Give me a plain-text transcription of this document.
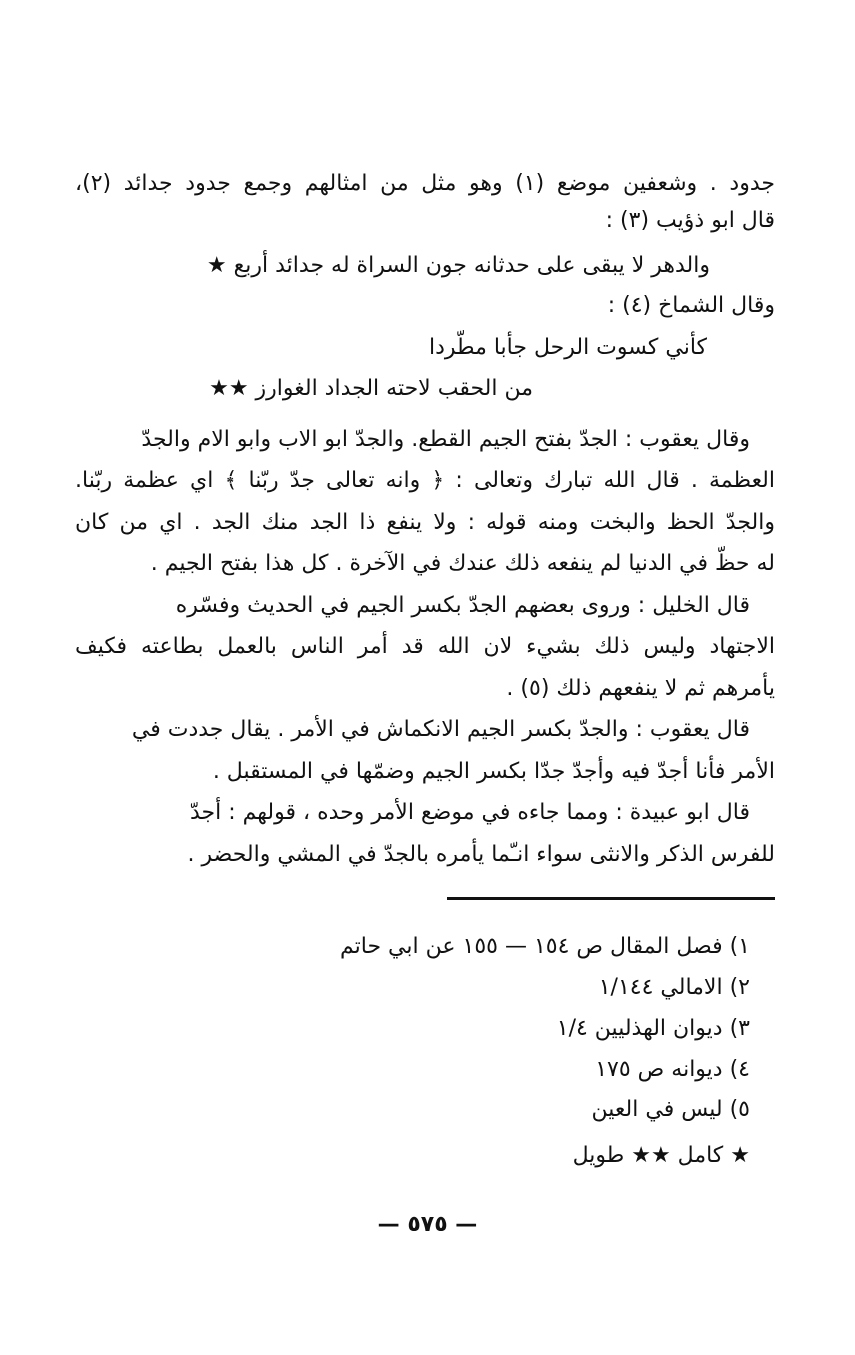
جدود . وشعفين موضع (١) وهو مثل من امثالهم وجمع جدود جدائد (٢)،
قال ابو ذؤيب (٣) :
والدهر لا يبقى على حدثانه جون السراة له جدائد أربع ★
وقال الشماخ (٤) :
كأني كسوت الرحل جأبا مطّردا
من الحقب لاحته الجداد الغوارز ★★
وقال يعقوب : الجدّ بفتح الجيم القطع. والجدّ ابو الاب وابو الام والجدّ
العظمة . قال الله تبارك وتعالى : ﴿ وانه تعالى جدّ ربّنا ﴾ اي عظمة ربّنا.
والجدّ الحظ والبخت ومنه قوله : ولا ينفع ذا الجد منك الجد . اي من كان
له حظّ في الدنيا لم ينفعه ذلك عندك في الآخرة . كل هذا بفتح الجيم .
قال الخليل : وروى بعضهم الجدّ بكسر الجيم في الحديث وفسّره
الاجتهاد وليس ذلك بشيء لان الله قد أمر الناس بالعمل بطاعته فكيف
يأمرهم ثم لا ينفعهم ذلك (٥) .
قال يعقوب : والجدّ بكسر الجيم الانكماش في الأمر . يقال جددت في
الأمر فأنا أجدّ فيه وأجدّ جدّا بكسر الجيم وضمّها في المستقبل .
قال ابو عبيدة : ومما جاءه في موضع الأمر وحده ، قولهم : أجدّ
للفرس الذكر والانثى سواء انـّما يأمره بالجدّ في المشي والحضر .
١) فصل المقال ص ١٥٤ — ١٥٥ عن ابي حاتم
٢) الامالي ١/١٤٤
٣) ديوان الهذليين ١/٤
٤) ديوانه ص ١٧٥
٥) ليس في العين
★ كامل ★★ طويل
— ٥٧٥ —
